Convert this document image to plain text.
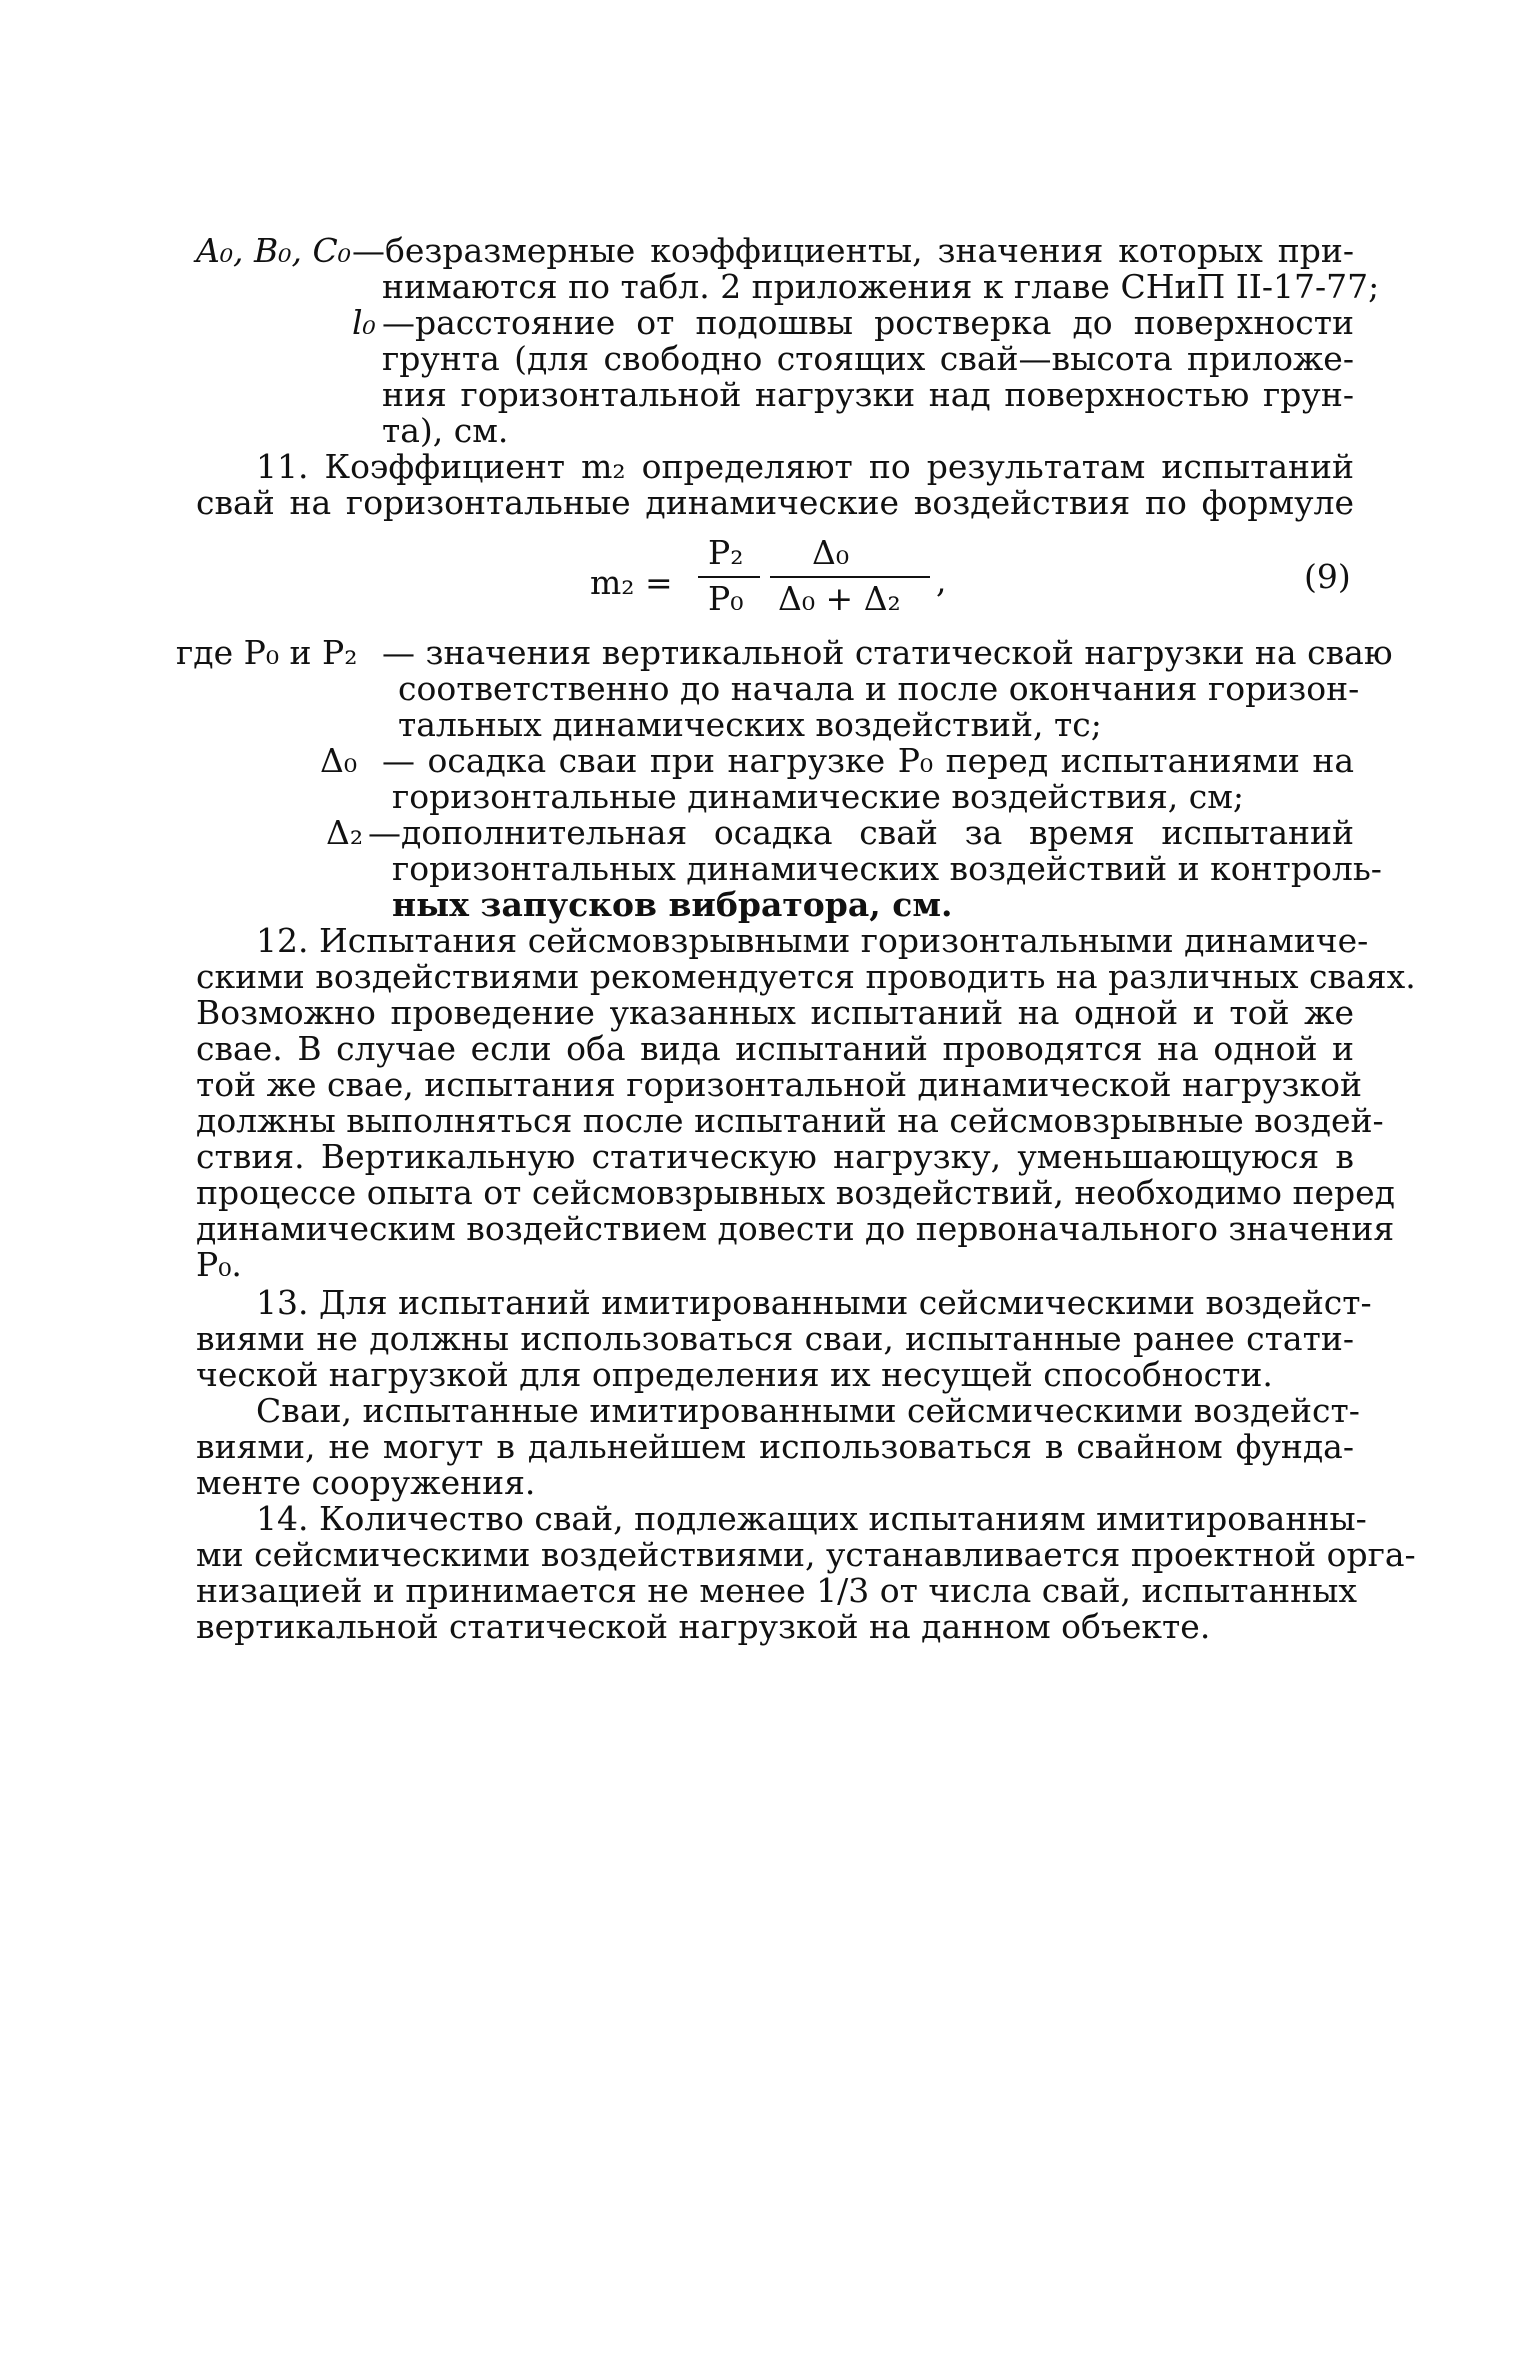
A₀, B₀, C₀ —безразмерные коэффициенты, значения которых при-
нимаются по табл. 2 приложения к главе СНиП II-17-77;
l₀ —расстояние от подошвы ростверка до поверхности
грунта (для свободно стоящих свай—высота приложе-
ния горизонтальной нагрузки над поверхностью грун-
та), см.
11. Коэффициент m₂ определяют по результатам испытаний
свай на горизонтальные динамические воздействия по формуле
m₂ =
P₂
P₀
Δ₀
Δ₀ + Δ₂ ,	(9)
где P₀ и P₂ — значения вертикальной статической нагрузки на сваю
соответственно до начала и после окончания горизон-
тальных динамических воздействий, тс;
Δ₀ — осадка сваи при нагрузке P₀ перед испытаниями на
горизонтальные динамические воздействия, см;
Δ₂ —дополнительная осадка свай за время испытаний
горизонтальных динамических воздействий и контроль-
ных запусков вибратора, см.
12. Испытания сейсмовзрывными горизонтальными динамиче-
скими воздействиями рекомендуется проводить на различных сваях.
Возможно проведение указанных испытаний на одной и той же
свае. В случае если оба вида испытаний проводятся на одной и
той же свае, испытания горизонтальной динамической нагрузкой
должны выполняться после испытаний на сейсмовзрывные воздей-
ствия. Вертикальную статическую нагрузку, уменьшающуюся в
процессе опыта от сейсмовзрывных воздействий, необходимо перед
динамическим воздействием довести до первоначального значения
P₀.
13. Для испытаний имитированными сейсмическими воздейст-
виями не должны использоваться сваи, испытанные ранее стати-
ческой нагрузкой для определения их несущей способности.
Сваи, испытанные имитированными сейсмическими воздейст-
виями, не могут в дальнейшем использоваться в свайном фунда-
менте сооружения.
14. Количество свай, подлежащих испытаниям имитированны-
ми сейсмическими воздействиями, устанавливается проектной орга-
низацией и принимается не менее 1/3 от числа свай, испытанных
вертикальной статической нагрузкой на данном объекте.
